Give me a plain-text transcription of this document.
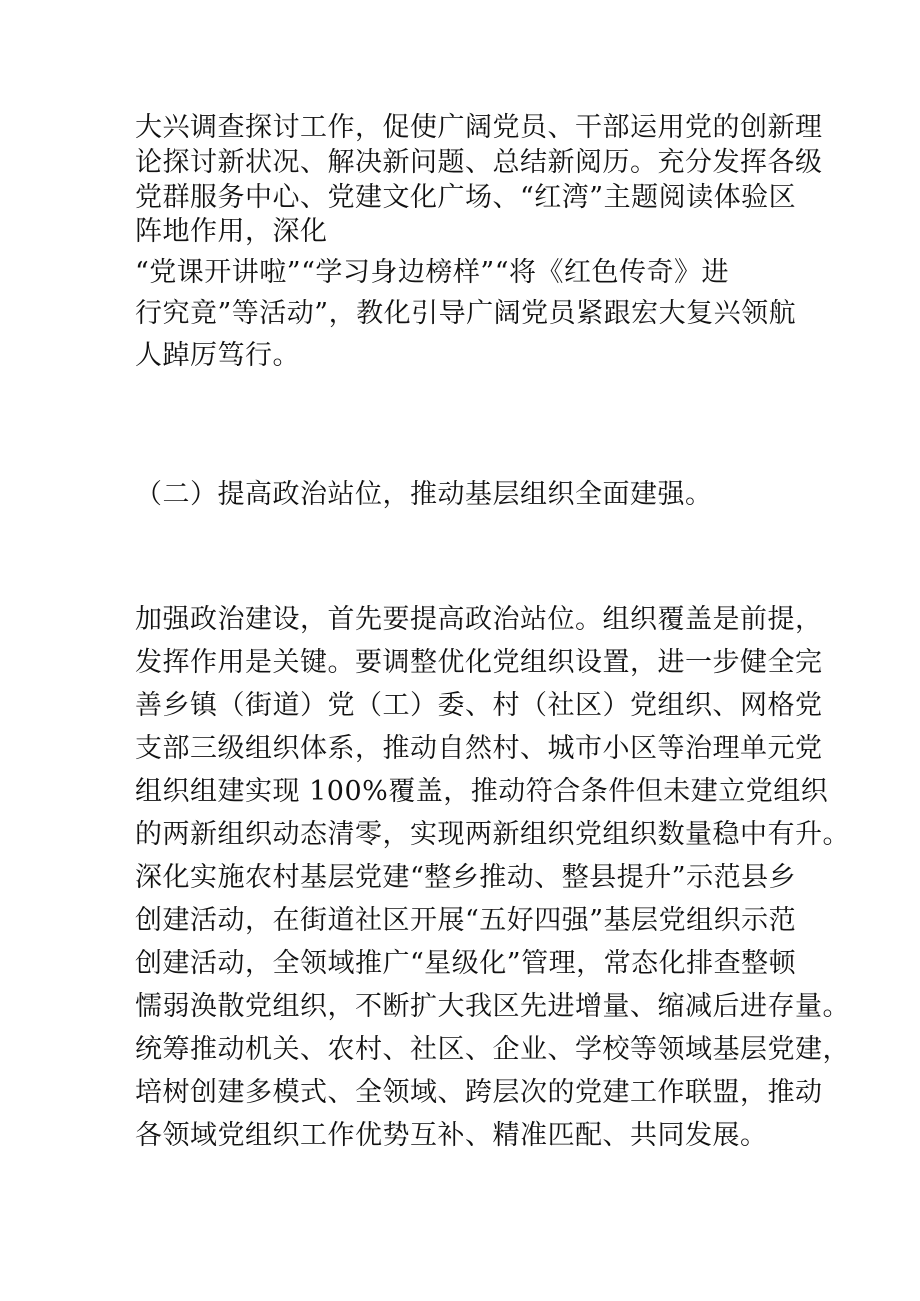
大兴调查探讨工作，促使广阔党员、干部运用党的创新理
论探讨新状况、解决新问题、总结新阅历。充分发挥各级
党群服务中心、党建文化广场、“红湾”主题阅读体验区
阵地作用，深化
“党课开讲啦”“学习身边榜样”“将《红色传奇》进
行究竟”等活动”，教化引导广阔党员紧跟宏大复兴领航
人踔厉笃行。
（二）提高政治站位，推动基层组织全面建强。
加强政治建设，首先要提高政治站位。组织覆盖是前提，
发挥作用是关键。要调整优化党组织设置，进一步健全完
善乡镇（街道）党（工）委、村（社区）党组织、网格党
支部三级组织体系，推动自然村、城市小区等治理单元党
组织组建实现 100%覆盖，推动符合条件但未建立党组织
的两新组织动态清零，实现两新组织党组织数量稳中有升。
深化实施农村基层党建“整乡推动、整县提升”示范县乡
创建活动，在街道社区开展“五好四强”基层党组织示范
创建活动，全领域推广“星级化”管理，常态化排查整顿
懦弱涣散党组织，不断扩大我区先进增量、缩减后进存量。
统筹推动机关、农村、社区、企业、学校等领域基层党建，
培树创建多模式、全领域、跨层次的党建工作联盟，推动
各领域党组织工作优势互补、精准匹配、共同发展。
